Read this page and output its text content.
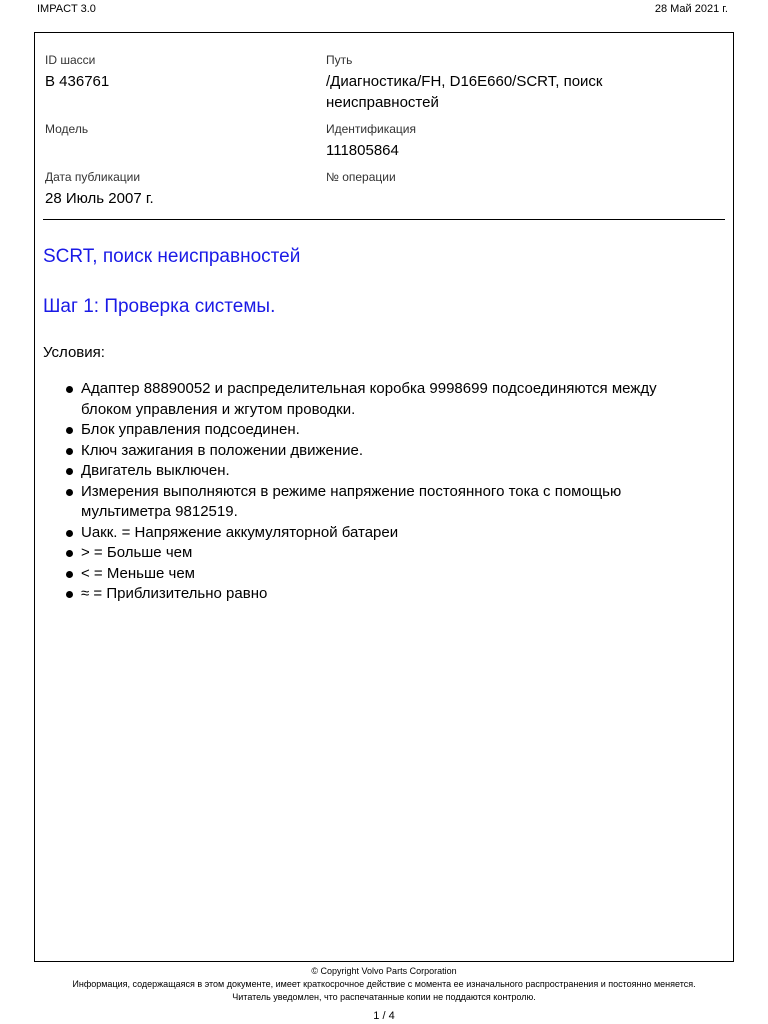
IMPACT 3.0	28 Май 2021 г.
ID шасси
B 436761
Путь
/Диагностика/FH, D16E660/SCRT, поиск неисправностей
Модель	Идентификация
111805864
Дата публикации
28 Июль 2007 г.
№ операции
SCRT, поиск неисправностей
Шаг 1: Проверка системы.
Условия:
Адаптер 88890052 и распределительная коробка 9998699 подсоединяются между блоком управления и жгутом проводки.
Блок управления подсоединен.
Ключ зажигания в положении движение.
Двигатель выключен.
Измерения выполняются в режиме напряжение постоянного тока с помощью мультиметра 9812519.
Uакк. = Напряжение аккумуляторной батареи
> = Больше чем
< = Меньше чем
≈ = Приблизительно равно
© Copyright Volvo Parts Corporation
Информация, содержащаяся в этом документе, имеет краткосрочное действие с момента ее изначального распространения и постоянно меняется.
Читатель уведомлен, что распечатанные копии не поддаются контролю.
1 / 4
